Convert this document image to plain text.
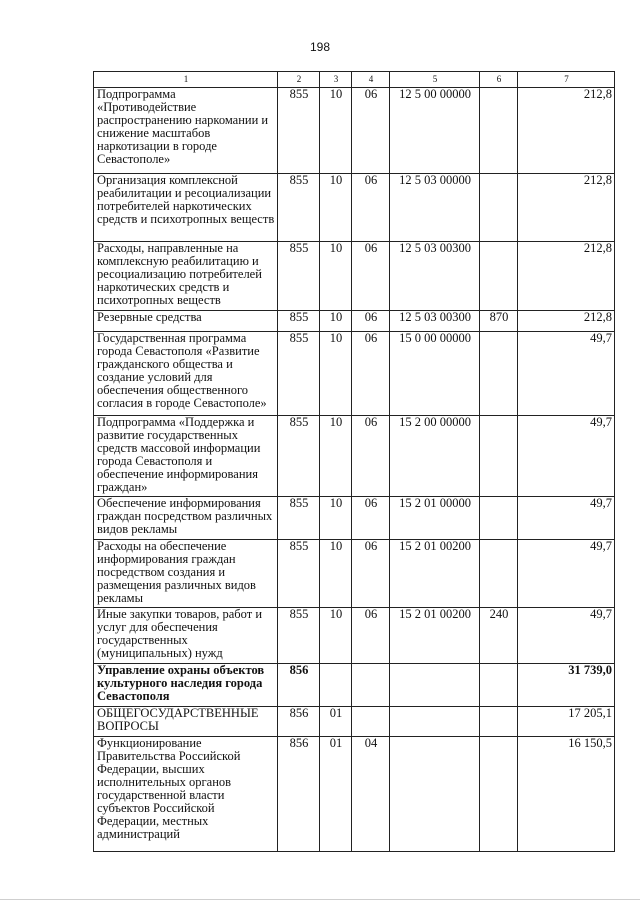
198
1	2	3	4	5	6	7
Подпрограмма «Противодействие распространению наркомании и снижение масштабов наркотизации в городе Севастополе»	855	10	06	12 5 00 00000		212,8
Организация комплексной реабилитации и ресоциализации потребителей наркотических средств и психотропных веществ	855	10	06	12 5 03 00000		212,8
Расходы, направленные на комплексную реабилитацию и ресоциализацию потребителей наркотических средств и психотропных веществ	855	10	06	12 5 03 00300		212,8
Резервные средства	855	10	06	12 5 03 00300	870	212,8
Государственная программа города Севастополя «Развитие гражданского общества и создание условий для обеспечения общественного согласия в городе Севастополе»	855	10	06	15 0 00 00000		49,7
Подпрограмма «Поддержка и развитие государственных средств массовой информации города Севастополя и обеспечение информирования граждан»	855	10	06	15 2 00 00000		49,7
Обеспечение информирования граждан посредством различных видов рекламы	855	10	06	15 2 01 00000		49,7
Расходы на обеспечение информирования граждан посредством создания и размещения различных видов рекламы	855	10	06	15 2 01 00200		49,7
Иные закупки товаров, работ и услуг для обеспечения государственных (муниципальных) нужд	855	10	06	15 2 01 00200	240	49,7
Управление охраны объектов культурного наследия города Севастополя	856					31 739,0
ОБЩЕГОСУДАРСТВЕННЫЕ ВОПРОСЫ	856	01				17 205,1
Функционирование Правительства Российской Федерации, высших исполнительных органов государственной власти субъектов Российской Федерации, местных администраций	856	01	04			16 150,5
